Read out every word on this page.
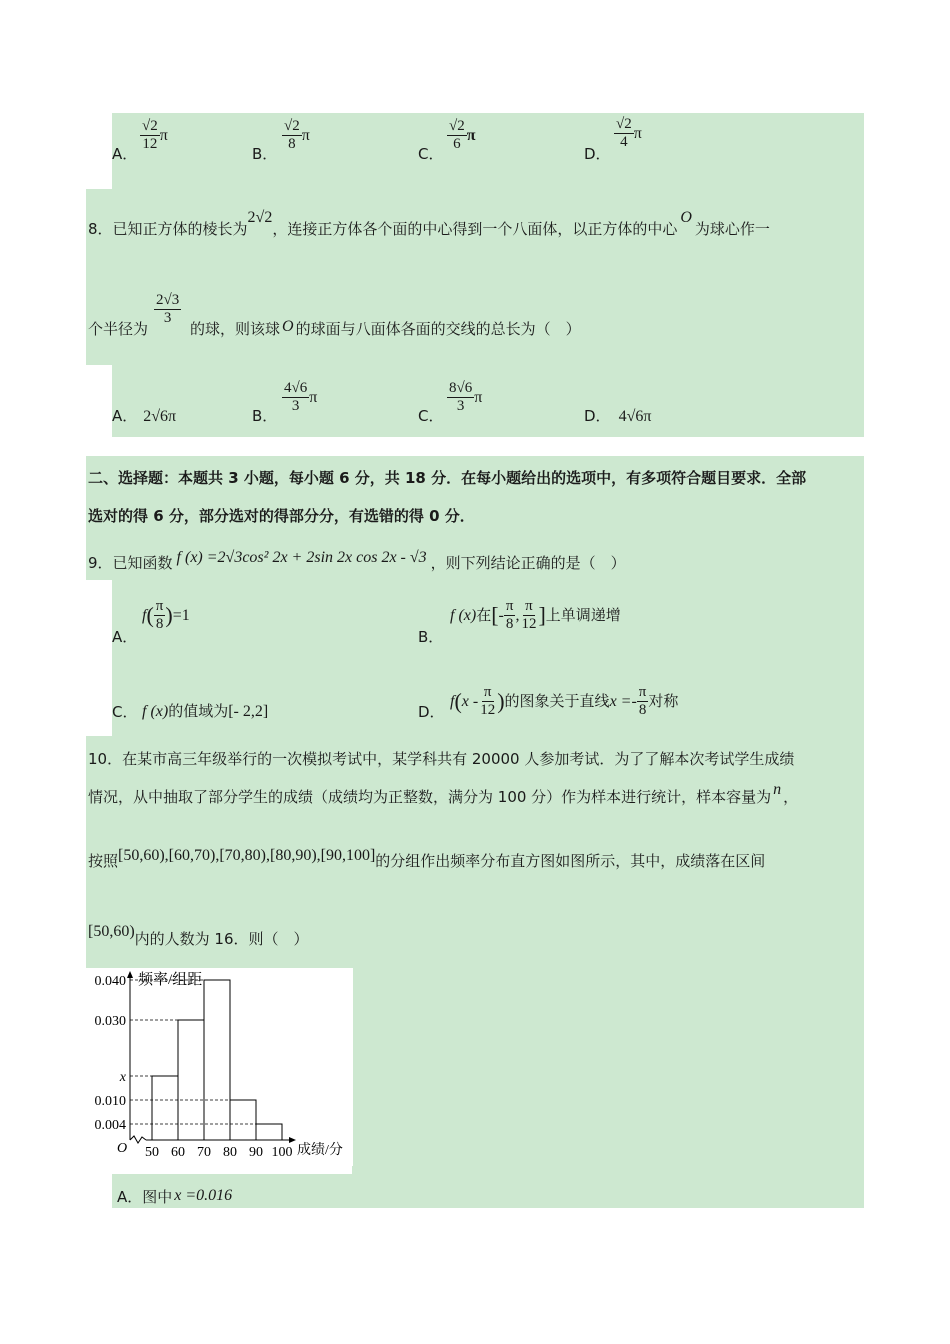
A．
$\frac{√2}{12}$ π
B．
$\frac{√2}{8}$ π
C．
$\frac{√2}{6}$ π
D．
$\frac{√2}{4}$ π
8．已知正方体的棱长为2√2，连接正方体各个面的中心得到一个八面体，以正方体的中心O为球心作一
个半径为
$\frac{2√3}{3}$
的球，则该球 O 的球面与八面体各面的交线的总长为（　）
A． 2√6π	B．
$\frac{4√6}{3}$ π
C．
$\frac{8√6}{3}$ π
D． 4√6π
二、选择题：本题共 3 小题，每小题 6 分，共 18 分．在每小题给出的选项中，有多项符合题目要求．全部
选对的得 6 分，部分选对的得部分分，有选错的得 0 分．
9．已知函数 f (x) =2√3cos² 2x + 2sin 2x cos 2x - √3 ，则下列结论正确的是（　）
A．
$f( \frac{\pi}{8} )=1$
B．
f (x)在[- $\frac{\pi}{8}$ , $\frac{\pi}{12}$ ]上单调递增
C． f (x)的值域为[- 2,2]	D．
$f(x - \frac{\pi}{12}$ )的图象关于直线$x =- \frac{\pi}{8}$ 对称
10．在某市高三年级举行的一次模拟考试中，某学科共有 20000 人参加考试．为了了解本次考试学生成绩
情况，从中抽取了部分学生的成绩（成绩均为正整数，满分为 100 分）作为样本进行统计，样本容量为 n ，
按照[50,60),[60,70),[70,80),[80,90),[90,100]的分组作出频率分布直方图如图所示，其中，成绩落在区间
[50,60)内的人数为 16．则（　）
0.040
0.030
x
0.010
0.004
50 60 70 80 90 100
O
频率/组距
成绩/分
A．图中 x =0.016
